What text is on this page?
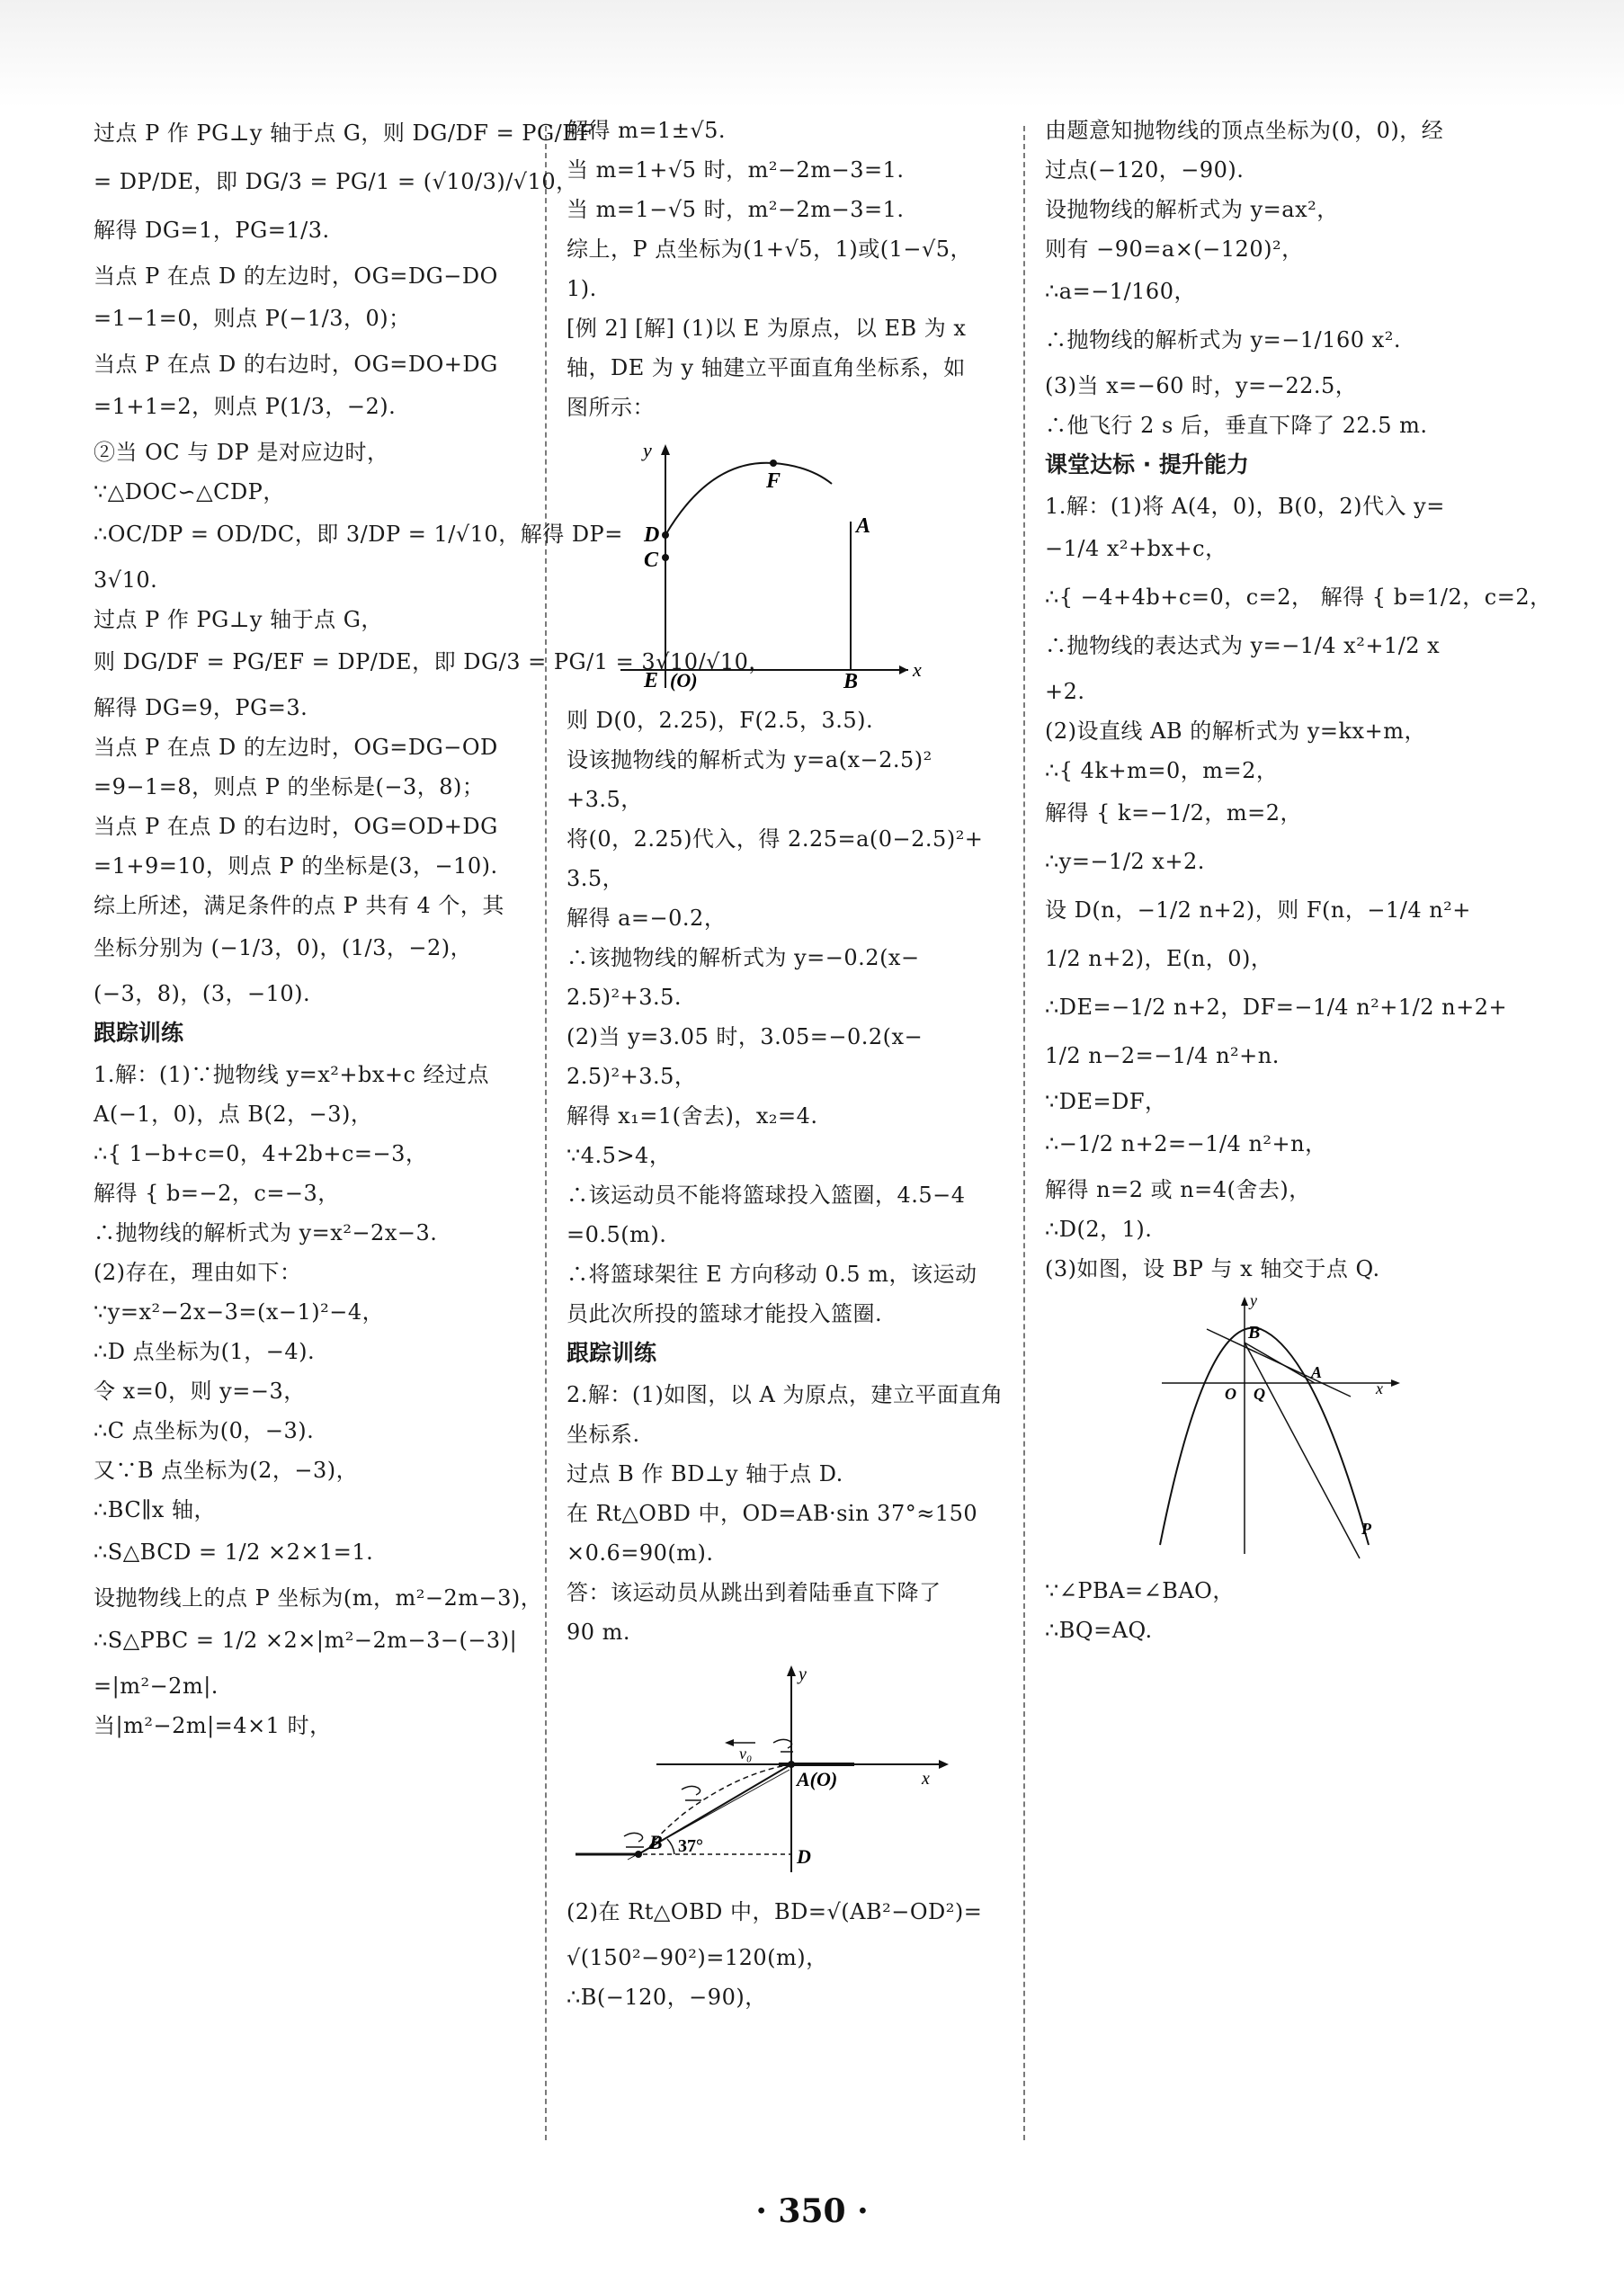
过点 P 作 PG⊥y 轴于点 G，则 DG/DF = PG/EF
= DP/DE，即 DG/3 = PG/1 = (√10/3)/√10，
解得 DG=1，PG=1/3.
当点 P 在点 D 的左边时，OG=DG−DO
=1−1=0，则点 P(−1/3，0)；
当点 P 在点 D 的右边时，OG=DO+DG
=1+1=2，则点 P(1/3，−2).
②当 OC 与 DP 是对应边时，
∵△DOC∽△CDP，
∴OC/DP = OD/DC，即 3/DP = 1/√10，解得 DP=
3√10.
过点 P 作 PG⊥y 轴于点 G，
则 DG/DF = PG/EF = DP/DE，即 DG/3 = PG/1 = 3√10/√10，
解得 DG=9，PG=3.
当点 P 在点 D 的左边时，OG=DG−OD
=9−1=8，则点 P 的坐标是(−3，8)；
当点 P 在点 D 的右边时，OG=OD+DG
=1+9=10，则点 P 的坐标是(3，−10).
综上所述，满足条件的点 P 共有 4 个，其
坐标分别为 (−1/3，0)，(1/3，−2)，
(−3，8)，(3，−10).
跟踪训练
1.解：(1)∵抛物线 y=x²+bx+c 经过点
A(−1，0)，点 B(2，−3)，
∴{ 1−b+c=0，4+2b+c=−3，
解得 { b=−2，c=−3，
∴抛物线的解析式为 y=x²−2x−3.
(2)存在，理由如下：
∵y=x²−2x−3=(x−1)²−4，
∴D 点坐标为(1，−4).
令 x=0，则 y=−3，
∴C 点坐标为(0，−3).
又∵B 点坐标为(2，−3)，
∴BC∥x 轴，
∴S△BCD = 1/2 ×2×1=1.
设抛物线上的点 P 坐标为(m，m²−2m−3)，
∴S△PBC = 1/2 ×2×|m²−2m−3−(−3)|
=|m²−2m|.
当|m²−2m|=4×1 时，
解得 m=1±√5.
当 m=1+√5 时，m²−2m−3=1.
当 m=1−√5 时，m²−2m−3=1.
综上，P 点坐标为(1+√5，1)或(1−√5，
1).
[例 2] [解] (1)以 E 为原点，以 EB 为 x
轴，DE 为 y 轴建立平面直角坐标系，如
图所示：
y
x
F
A
D
C
E (O)	B
则 D(0，2.25)，F(2.5，3.5).
设该抛物线的解析式为 y=a(x−2.5)²
+3.5，
将(0，2.25)代入，得 2.25=a(0−2.5)²+
3.5，
解得 a=−0.2，
∴该抛物线的解析式为 y=−0.2(x−
2.5)²+3.5.
(2)当 y=3.05 时，3.05=−0.2(x−
2.5)²+3.5，
解得 x₁=1(舍去)，x₂=4.
∵4.5>4，
∴该运动员不能将篮球投入篮圈，4.5−4
=0.5(m).
∴将篮球架往 E 方向移动 0.5 m，该运动
员此次所投的篮球才能投入篮圈.
跟踪训练
2.解：(1)如图，以 A 为原点，建立平面直角
坐标系.
过点 B 作 BD⊥y 轴于点 D.
在 Rt△OBD 中，OD=AB·sin 37°≈150
×0.6=90(m).
答：该运动员从跳出到着陆垂直下降了
90 m.
y
x
v₀
A(O)
B 37°	D
(2)在 Rt△OBD 中，BD=√(AB²−OD²)=
√(150²−90²)=120(m)，
∴B(−120，−90)，
由题意知抛物线的顶点坐标为(0，0)，经
过点(−120，−90).
设抛物线的解析式为 y=ax²，
则有 −90=a×(−120)²，
∴a=−1/160，
∴抛物线的解析式为 y=−1/160 x².
(3)当 x=−60 时，y=−22.5，
∴他飞行 2 s 后，垂直下降了 22.5 m.
课堂达标 · 提升能力
1.解：(1)将 A(4，0)，B(0，2)代入 y=
−1/4 x²+bx+c，
∴{ −4+4b+c=0，c=2， 解得 { b=1/2，c=2，
∴抛物线的表达式为 y=−1/4 x²+1/2 x
+2.
(2)设直线 AB 的解析式为 y=kx+m，
∴{ 4k+m=0，m=2，
解得 { k=−1/2，m=2，
∴y=−1/2 x+2.
设 D(n，−1/2 n+2)，则 F(n，−1/4 n²+
1/2 n+2)，E(n，0)，
∴DE=−1/2 n+2，DF=−1/4 n²+1/2 n+2+
1/2 n−2=−1/4 n²+n.
∵DE=DF，
∴−1/2 n+2=−1/4 n²+n，
解得 n=2 或 n=4(舍去)，
∴D(2，1).
(3)如图，设 BP 与 x 轴交于点 Q.
y
x
B
O Q
A
P
∵∠PBA=∠BAO，
∴BQ=AQ.
· 350 ·
